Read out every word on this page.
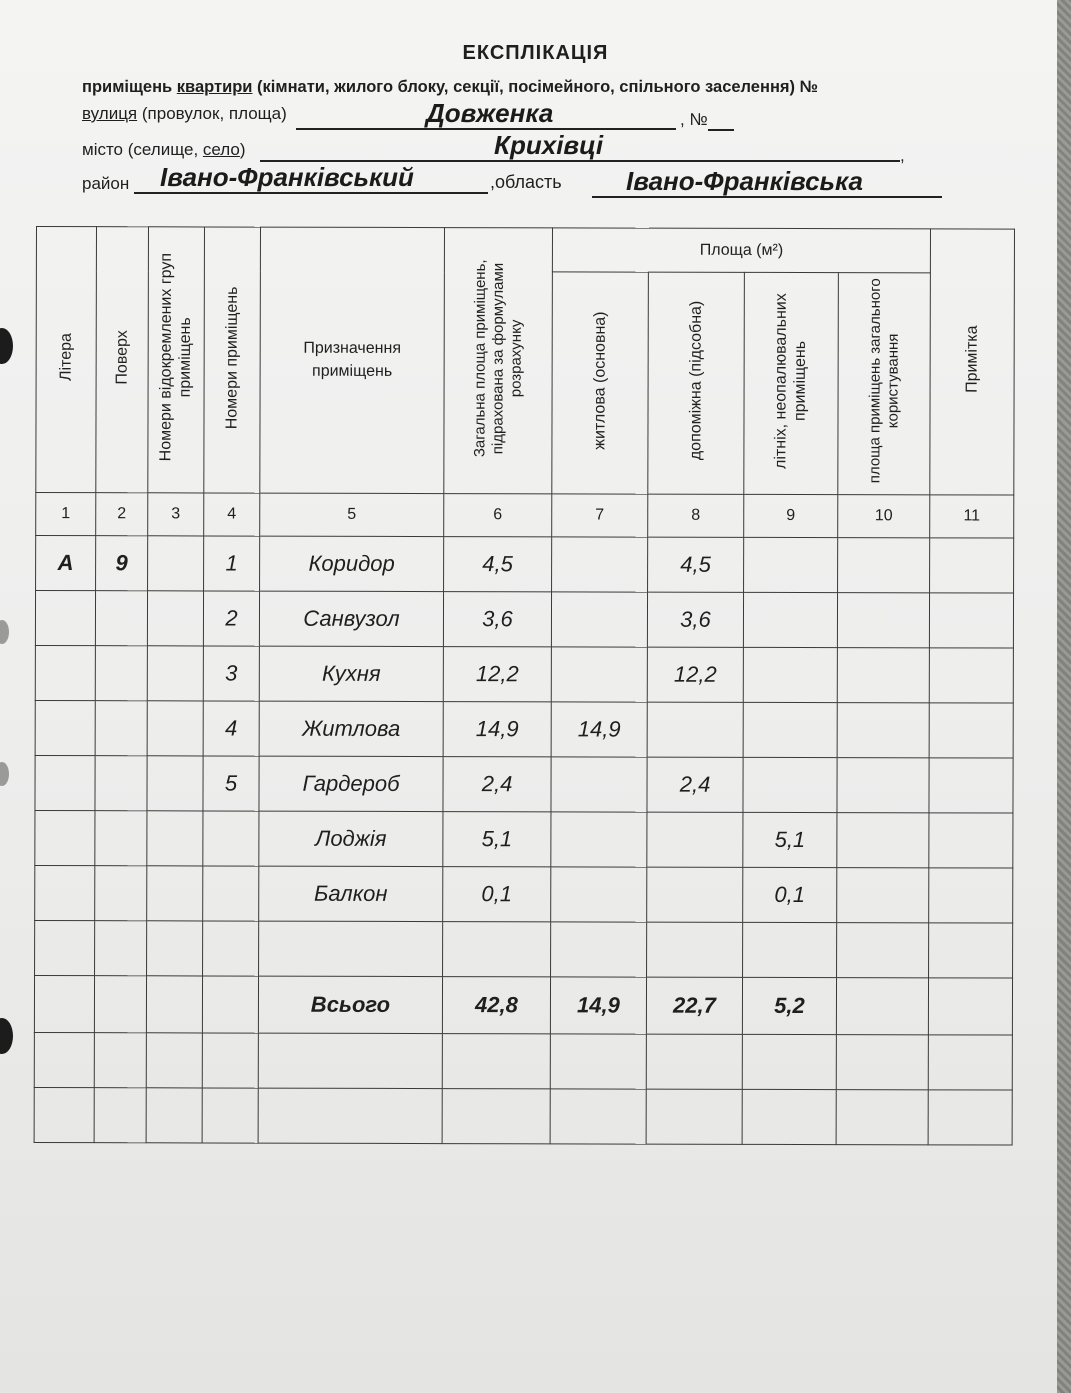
ЕКСПЛІКАЦІЯ
приміщень квартири (кімнати, жилого блоку, секції, посімейного, спільного заселення) №
вулиця (провулок, площа)	Довженка	, №
місто (селище, село)	Крихівці	,
район Івано-Франківський	,область Івано-Франківська
Літера	Поверх	Номери відокремлених груп приміщень	Номери приміщень	Призначення приміщень	Загальна площа приміщень, підрахована за формулами розрахунку	Площа (м²)				Примітка
						житлова (основна)	допоміжна (підсобна)	літніх, неопалювальних приміщень	площа приміщень загального користування	
1	2	3	4	5	6	7	8	9	10	11
А	9		1	Коридор	4,5		4,5			
			2	Санвузол	3,6		3,6			
			3	Кухня	12,2		12,2			
			4	Житлова	14,9	14,9				
			5	Гардероб	2,4		2,4			
				Лоджія	5,1			5,1		
				Балкон	0,1			0,1		

				Всього	42,8	14,9	22,7	5,2		
